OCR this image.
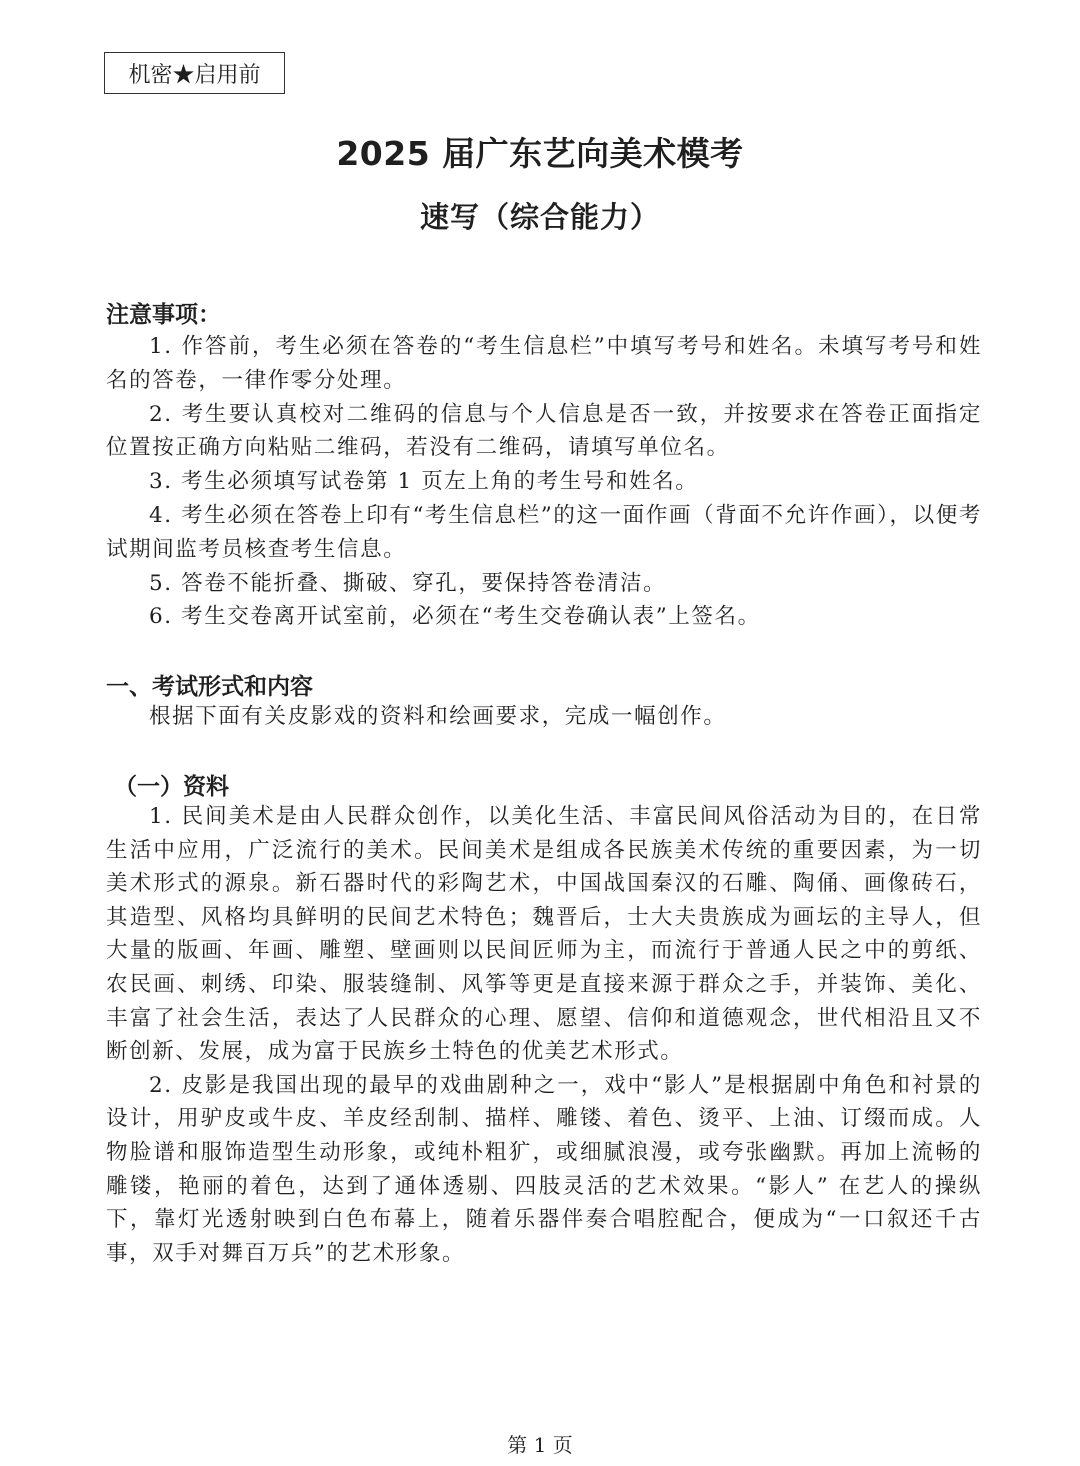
机密★启用前
2025 届广东艺向美术模考
速写（综合能力）
注意事项：

1. 作答前，考生必须在答卷的“考生信息栏”中填写考号和姓名。未填写考号和姓名的答卷，一律作零分处理。

2. 考生要认真校对二维码的信息与个人信息是否一致，并按要求在答卷正面指定位置按正确方向粘贴二维码，若没有二维码，请填写单位名。

3. 考生必须填写试卷第 1 页左上角的考生号和姓名。

4. 考生必须在答卷上印有“考生信息栏”的这一面作画（背面不允许作画），以便考试期间监考员核查考生信息。

5. 答卷不能折叠、撕破、穿孔，要保持答卷清洁。

6. 考生交卷离开试室前，必须在“考生交卷确认表”上签名。

一、考试形式和内容

根据下面有关皮影戏的资料和绘画要求，完成一幅创作。

（一）资料

1. 民间美术是由人民群众创作，以美化生活、丰富民间风俗活动为目的，在日常生活中应用，广泛流行的美术。民间美术是组成各民族美术传统的重要因素，为一切美术形式的源泉。新石器时代的彩陶艺术，中国战国秦汉的石雕、陶俑、画像砖石，其造型、风格均具鲜明的民间艺术特色；魏晋后，士大夫贵族成为画坛的主导人，但大量的版画、年画、雕塑、壁画则以民间匠师为主，而流行于普通人民之中的剪纸、农民画、刺绣、印染、服装缝制、风筝等更是直接来源于群众之手，并装饰、美化、丰富了社会生活，表达了人民群众的心理、愿望、信仰和道德观念，世代相沿且又不断创新、发展，成为富于民族乡土特色的优美艺术形式。

2. 皮影是我国出现的最早的戏曲剧种之一，戏中“影人”是根据剧中角色和衬景的设计，用驴皮或牛皮、羊皮经刮制、描样、雕镂、着色、烫平、上油、订缀而成。人物脸谱和服饰造型生动形象，或纯朴粗犷，或细腻浪漫，或夸张幽默。再加上流畅的雕镂，艳丽的着色，达到了通体透剔、四肢灵活的艺术效果。“影人” 在艺人的操纵下，靠灯光透射映到白色布幕上，随着乐器伴奏合唱腔配合，便成为“一口叙还千古事，双手对舞百万兵”的艺术形象。

第 1 页
